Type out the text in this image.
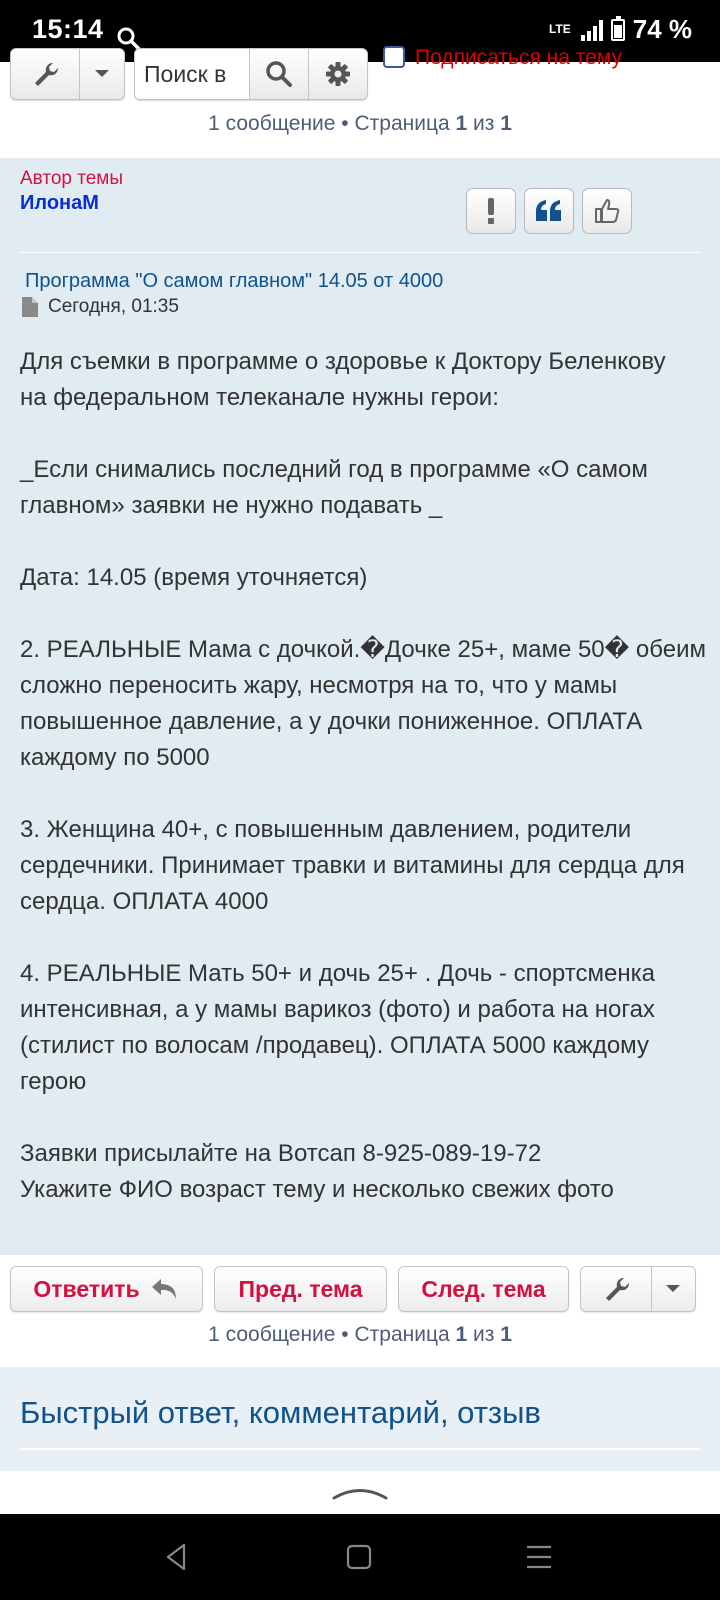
15:14	LTE 74 %
Поиск в
Подписаться на тему
1 сообщение • Страница 1 из 1
Автор темы
ИлонаМ
Программа "О самом главном" 14.05 от 4000
Сегодня, 01:35
Для съемки в программе о здоровье к Доктору Беленкову
на федеральном телеканале нужны герои:

_Если снимались последний год в программе «О самом главном» заявки не нужно подавать _

Дата: 14.05 (время уточняется)

2. РЕАЛЬНЫЕ Мама с дочкой.�Дочке 25+, маме 50� обеим сложно переносить жару, несмотря на то, что у мамы повышенное давление, а у дочки пониженное. ОПЛАТА каждому по 5000

3. Женщина 40+, с повышенным давлением, родители сердечники. Принимает травки и витамины для сердца для сердца. ОПЛАТА 4000

4. РЕАЛЬНЫЕ Мать 50+ и дочь 25+ . Дочь - спортсменка интенсивная, а у мамы варикоз (фото) и работа на ногах (стилист по волосам /продавец). ОПЛАТА 5000 каждому герою

Заявки присылайте на Вотсап 8-925-089-19-72
Укажите ФИО возраст тему и несколько свежих фото
Ответить	Пред. тема	След. тема
1 сообщение • Страница 1 из 1
Быстрый ответ, комментарий, отзыв
